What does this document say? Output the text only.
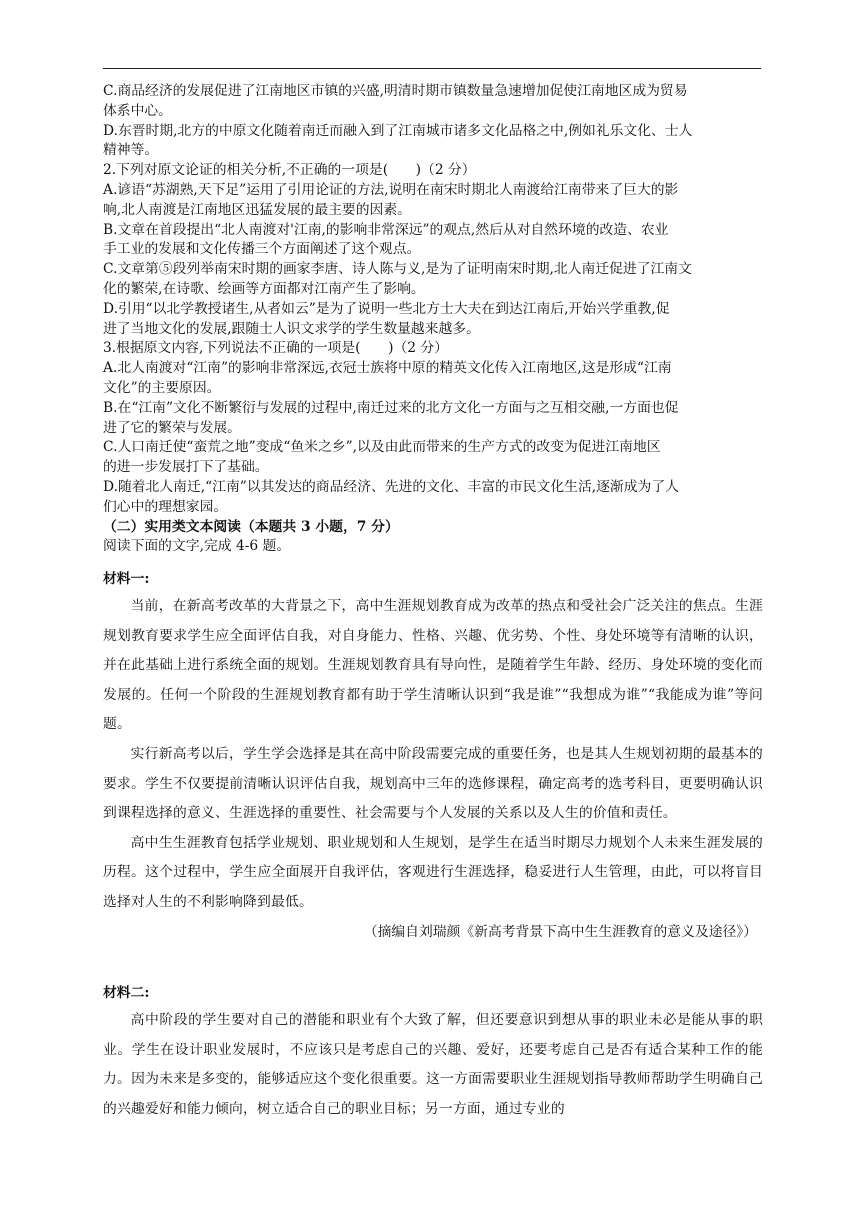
C.商品经济的发展促进了江南地区市镇的兴盛,明清时期市镇数量急速增加促使江南地区成为贸易

体系中心。

D.东晋时期,北方的中原文化随着南迁而融入到了江南城市诸多文化品格之中,例如礼乐文化、士人

精神等。

2.下列对原文论证的相关分析,不正确的一项是(　　)（2 分）

A.谚语“苏湖熟,天下足”运用了引用论证的方法,说明在南宋时期北人南渡给江南带来了巨大的影

响,北人南渡是江南地区迅猛发展的最主要的因素。

B.文章在首段提出“北人南渡对'江南,的影响非常深远”的观点,然后从对自然环境的改造、农业

手工业的发展和文化传播三个方面阐述了这个观点。

C.文章第⑤段列举南宋时期的画家李唐、诗人陈与义,是为了证明南宋时期,北人南迁促进了江南文

化的繁荣,在诗歌、绘画等方面都对江南产生了影响。

D.引用“以北学教授诸生,从者如云”是为了说明一些北方士大夫在到达江南后,开始兴学重教,促

进了当地文化的发展,跟随士人识文求学的学生数量越来越多。

3.根据原文内容,下列说法不正确的一项是(　　)（2 分）

A.北人南渡对“江南”的影响非常深远,衣冠士族将中原的精英文化传入江南地区,这是形成“江南

文化”的主要原因。

B.在“江南”文化不断繁衍与发展的过程中,南迁过来的北方文化一方面与之互相交融,一方面也促

进了它的繁荣与发展。

C.人口南迁使“蛮荒之地”变成“鱼米之乡”,以及由此而带来的生产方式的改变为促进江南地区

的进一步发展打下了基础。

D.随着北人南迁,“江南”以其发达的商品经济、先进的文化、丰富的市民文化生活,逐渐成为了人

们心中的理想家园。

（二）实用类文本阅读（本题共 3 小题，7 分）

阅读下面的文字,完成 4-6 题。

材料一:

当前，在新高考改革的大背景之下，高中生涯规划教育成为改革的热点和受社会广泛关注的焦点。生涯规划教育要求学生应全面评估自我，对自身能力、性格、兴趣、优劣势、个性、身处环境等有清晰的认识，并在此基础上进行系统全面的规划。生涯规划教育具有导向性，是随着学生年龄、经历、身处环境的变化而发展的。任何一个阶段的生涯规划教育都有助于学生清晰认识到“我是谁”“我想成为谁”“我能成为谁”等问题。

实行新高考以后，学生学会选择是其在高中阶段需要完成的重要任务，也是其人生规划初期的最基本的要求。学生不仅要提前清晰认识评估自我，规划高中三年的选修课程，确定高考的选考科目，更要明确认识到课程选择的意义、生涯选择的重要性、社会需要与个人发展的关系以及人生的价值和责任。

高中生生涯教育包括学业规划、职业规划和人生规划，是学生在适当时期尽力规划个人未来生涯发展的历程。这个过程中，学生应全面展开自我评估，客观进行生涯选择，稳妥进行人生管理，由此，可以将盲目选择对人生的不利影响降到最低。

（摘编自刘瑞颜《新高考背景下高中生生涯教育的意义及途径》）

材料二:

高中阶段的学生要对自己的潜能和职业有个大致了解，但还要意识到想从事的职业未必是能从事的职业。学生在设计职业发展时，不应该只是考虑自己的兴趣、爱好，还要考虑自己是否有适合某种工作的能力。因为未来是多变的，能够适应这个变化很重要。这一方面需要职业生涯规划指导教师帮助学生明确自己的兴趣爱好和能力倾向，树立适合自己的职业目标；另一方面，通过专业的
